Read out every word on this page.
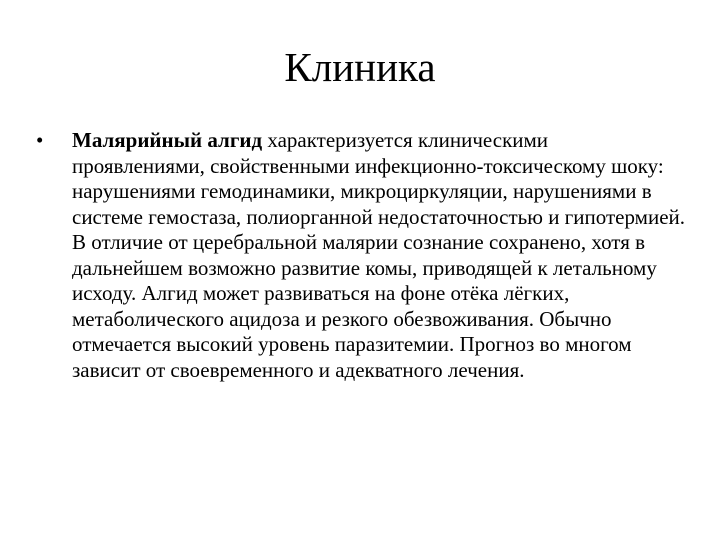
Клиника
• Малярийный алгид характеризуется клиническими проявлениями, свойственными инфекционно-токсическому шоку: нарушениями гемодинамики, микроциркуляции, нарушениями в системе гемостаза, полиорганной недостаточностью и гипотермией. В отличие от церебральной малярии сознание сохранено, хотя в дальнейшем возможно развитие комы, приводящей к летальному исходу. Алгид может развиваться на фоне отёка лёгких, метаболического ацидоза и резкого обезвоживания. Обычно отмечается высокий уровень паразитемии. Прогноз во многом зависит от своевременного и адекватного лечения.
